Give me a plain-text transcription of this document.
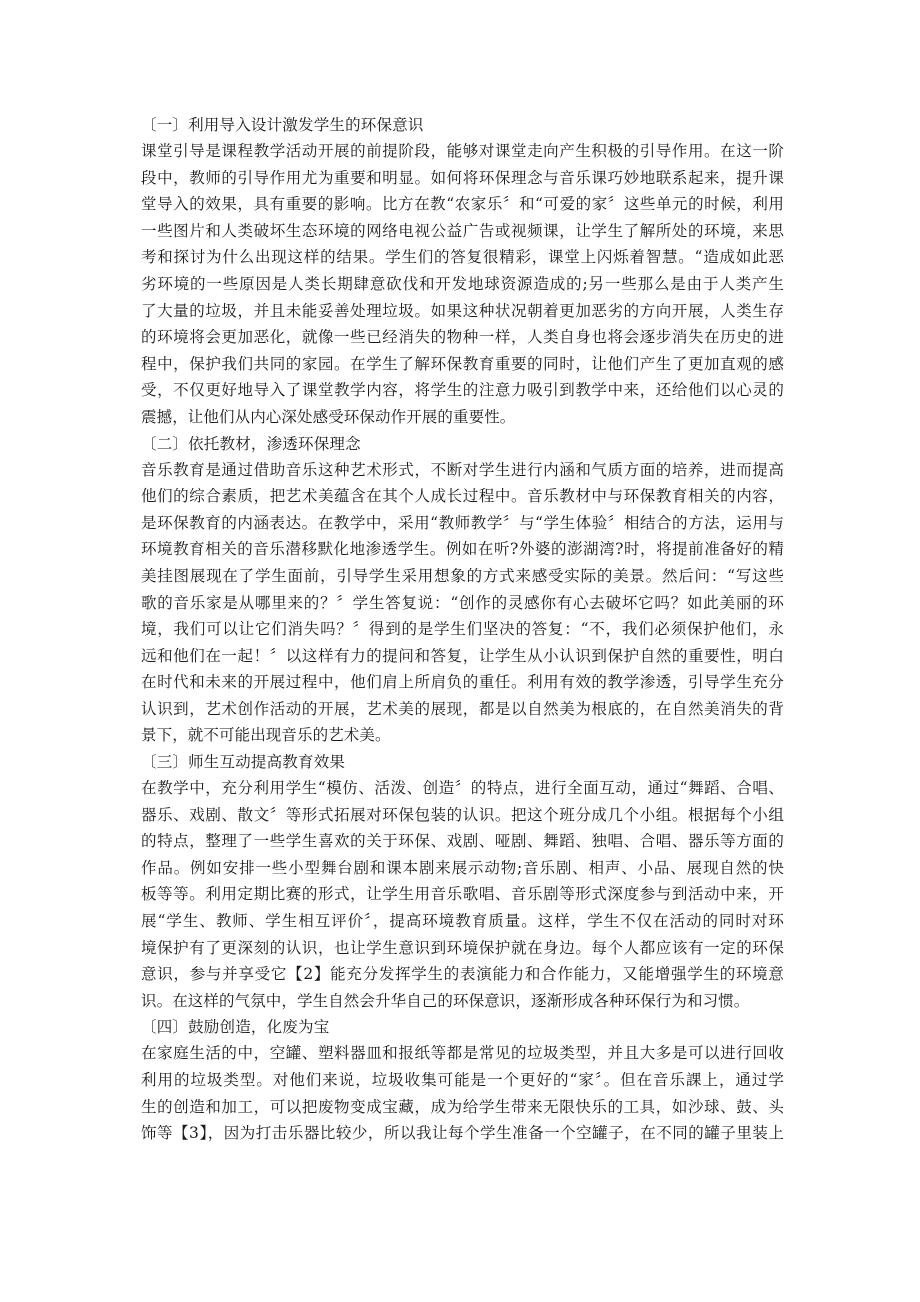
〔一〕利用导入设计激发学生的环保意识

课堂引导是课程教学活动开展的前提阶段，能够对课堂走向产生积极的引导作用。在这一阶

段中，教师的引导作用尤为重要和明显。如何将环保理念与音乐课巧妙地联系起来，提升课

堂导入的效果，具有重要的影响。比方在教“农家乐〞和“可爱的家〞这些单元的时候，利用

一些图片和人类破坏生态环境的网络电视公益广告或视频课，让学生了解所处的环境，来思

考和探讨为什么出现这样的结果。学生们的答复很精彩，课堂上闪烁着智慧。“造成如此恶

劣环境的一些原因是人类长期肆意砍伐和开发地球资源造成的;另一些那么是由于人类产生

了大量的垃圾，并且未能妥善处理垃圾。如果这种状况朝着更加恶劣的方向开展，人类生存

的环境将会更加恶化，就像一些已经消失的物种一样，人类自身也将会逐步消失在历史的进

程中，保护我们共同的家园。在学生了解环保教育重要的同时，让他们产生了更加直观的感

受，不仅更好地导入了课堂教学内容，将学生的注意力吸引到教学中来，还给他们以心灵的

震撼，让他们从内心深处感受环保动作开展的重要性。

〔二〕依托教材，渗透环保理念

音乐教育是通过借助音乐这种艺术形式，不断对学生进行内涵和气质方面的培养，进而提高

他们的综合素质，把艺术美蕴含在其个人成长过程中。音乐教材中与环保教育相关的内容，

是环保教育的内涵表达。在教学中，采用“教师教学〞与“学生体验〞相结合的方法，运用与

环境教育相关的音乐潜移默化地渗透学生。例如在听?外婆的澎湖湾?时，将提前准备好的精

美挂图展现在了学生面前，引导学生采用想象的方式来感受实际的美景。然后问：“写这些

歌的音乐家是从哪里来的？〞学生答复说：“创作的灵感你有心去破坏它吗？如此美丽的环

境，我们可以让它们消失吗？〞得到的是学生们坚决的答复：“不，我们必须保护他们，永

远和他们在一起！〞以这样有力的提问和答复，让学生从小认识到保护自然的重要性，明白

在时代和未来的开展过程中，他们肩上所肩负的重任。利用有效的教学渗透，引导学生充分

认识到，艺术创作活动的开展，艺术美的展现，都是以自然美为根底的，在自然美消失的背

景下，就不可能出现音乐的艺术美。

〔三〕师生互动提高教育效果

在教学中，充分利用学生“模仿、活泼、创造〞的特点，进行全面互动，通过“舞蹈、合唱、

器乐、戏剧、散文〞等形式拓展对环保包装的认识。把这个班分成几个小组。根据每个小组

的特点，整理了一些学生喜欢的关于环保、戏剧、哑剧、舞蹈、独唱、合唱、器乐等方面的

作品。例如安排一些小型舞台剧和课本剧来展示动物;音乐剧、相声、小品、展现自然的快

板等等。利用定期比赛的形式，让学生用音乐歌唱、音乐剧等形式深度参与到活动中来，开

展“学生、教师、学生相互评价〞，提高环境教育质量。这样，学生不仅在活动的同时对环

境保护有了更深刻的认识，也让学生意识到环境保护就在身边。每个人都应该有一定的环保

意识，参与并享受它【2】能充分发挥学生的表演能力和合作能力，又能增强学生的环境意

识。在这样的气氛中，学生自然会升华自己的环保意识，逐渐形成各种环保行为和习惯。

〔四〕鼓励创造，化废为宝

在家庭生活的中，空罐、塑料器皿和报纸等都是常见的垃圾类型，并且大多是可以进行回收

利用的垃圾类型。对他们来说，垃圾收集可能是一个更好的“家〞。但在音乐課上，通过学

生的创造和加工，可以把废物变成宝藏，成为给学生带来无限快乐的工具，如沙球、鼓、头

饰等【3】，因为打击乐器比较少，所以我让每个学生准备一个空罐子，在不同的罐子里装上
